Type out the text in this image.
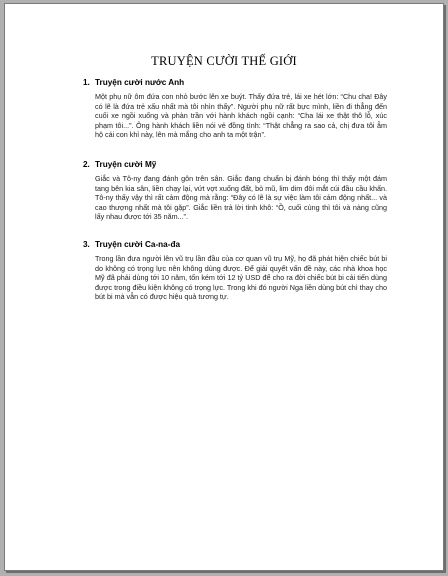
TRUYỆN CƯỜI THẾ GIỚI
1. Truyện cười nước Anh
Một phụ nữ ôm đứa con nhỏ bước lên xe buýt. Thấy đứa trẻ, lái xe hét lớn: “Chu cha! Đây có lẽ là đứa trẻ xấu nhất mà tôi nhìn thấy”. Người phụ nữ rất bực mình, liền đi thẳng đến cuối xe ngồi xuống và phàn trần với hành khách ngồi cạnh: “Cha lái xe thật thô lỗ, xúc phạm tôi...”. Ông hành khách liền nói vẻ đồng tình: “Thật chẳng ra sao cả, chị đưa tôi ẵm hộ cái con khỉ này, lên mà mắng cho anh ta một trận”.
2. Truyện cười Mỹ
Giắc và Tô-ny đang đánh gôn trên sân. Giắc đang chuẩn bị đánh bóng thì thấy một đám tang bên kia sân, liền chạy lại, vứt vợt xuống đất, bỏ mũ, lim dim đôi mắt cúi đầu cầu khấn. Tô-ny thấy vậy thì rất cảm động mà rằng: “Đây có lẽ là sự việc làm tôi cảm động nhất... và cao thượng nhất mà tôi gặp”. Giắc liền trả lời tỉnh khô: “Ồ, cuối cùng thì tôi và nàng cũng lấy nhau được tới 35 năm...”.
3. Truyện cười Ca-na-đa
Trong lần đưa người lên vũ trụ lần đầu của cơ quan vũ trụ Mỹ, họ đã phát hiện chiếc bút bi do không có trọng lực nên không dùng được. Để giải quyết vấn đề này, các nhà khoa học Mỹ đã phải dùng tới 10 năm, tốn kém tới 12 tỷ USD để cho ra đời chiếc bút bi cải tiến dùng được trong điều kiện không có trọng lực. Trong khi đó người Nga liền dùng bút chì thay cho bút bi mà vẫn có được hiệu quả tương tự.
